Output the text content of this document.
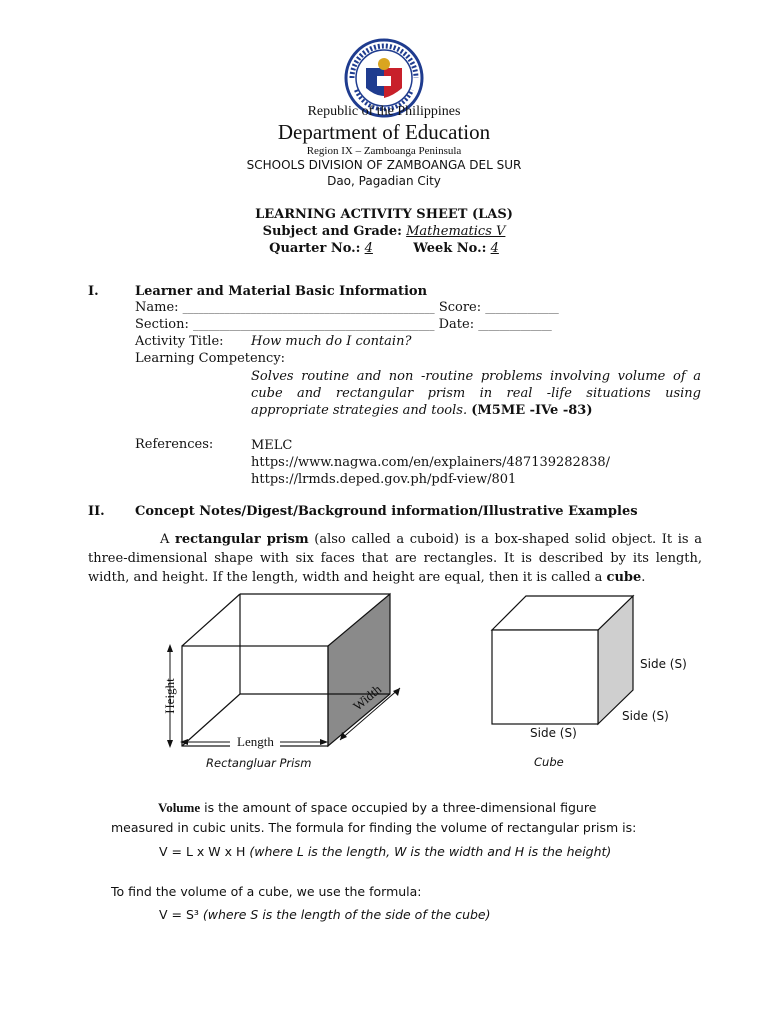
Republic of the Philippines
Department of Education
Region IX – Zamboanga Peninsula
SCHOOLS DIVISION OF ZAMBOANGA DEL SUR
Dao, Pagadian City
LEARNING ACTIVITY SHEET (LAS)
Subject and Grade: Mathematics V
Quarter No.: 4	Week No.: 4
I.	Learner and Material Basic Information
Name: ________________________________________________ Score: ______________
Section: ______________________________________________ Date: ______________
Activity Title: How much do I contain?
Learning Competency:
Solves routine and non -routine problems involving volume of a cube and rectangular prism in real -life situations using appropriate strategies and tools. (M5ME -IVe -83)
References:	MELC
https://www.nagwa.com/en/explainers/487139282838/
https://lrmds.deped.gov.ph/pdf-view/801
II. Concept Notes/Digest/Background information/Illustrative Examples
A rectangular prism (also called a cuboid) is a box-shaped solid object. It is a three-dimensional shape with six faces that are rectangles. It is described by its length, width, and height. If the length, width and height are equal, then it is called a cube.
Length
Height	Width
Rectangluar Prism
Side (S)
Side (S)
Side (S)
Cube
Volume is the amount of space occupied by a three-dimensional figure
measured in cubic units. The formula for finding the volume of rectangular prism is:
V = L x W x H (where L is the length, W is the width and H is the height)
To find the volume of a cube, we use the formula:
V = S³ (where S is the length of the side of the cube)
